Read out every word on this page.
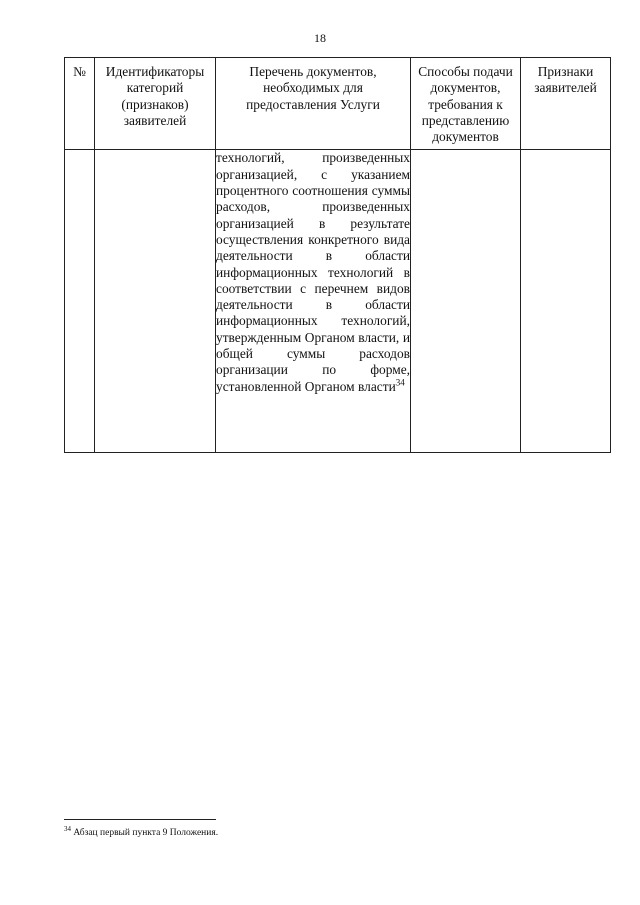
18
№	Идентификаторы категорий (признаков) заявителей	Перечень документов, необходимых для предоставления Услуги	Способы подачи документов, требования к представлению документов	Признаки заявителей
		технологий, произведенных организацией, с указанием процентного соотношения суммы расходов, произведенных организацией в результате осуществления конкретного вида деятельности в области информационных технологий в соответствии с перечнем видов деятельности в области информационных технологий, утвержденным Органом власти, и общей суммы расходов организации по форме, установленной Органом власти$^{34}$		
$^{34}$ Абзац первый пункта 9 Положения.
